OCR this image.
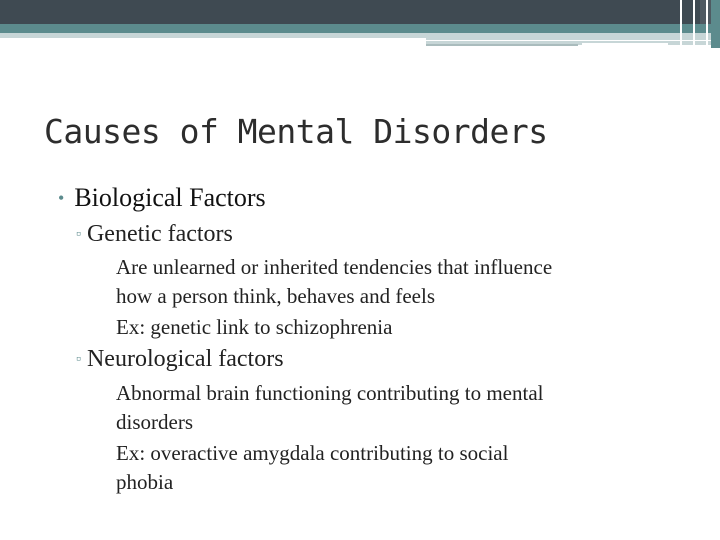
Causes of Mental Disorders
• Biological Factors
▫ Genetic factors
Are unlearned or inherited tendencies that influence
how a person think, behaves and feels
Ex: genetic link to schizophrenia
▫ Neurological factors
Abnormal brain functioning contributing to mental
disorders
Ex: overactive amygdala contributing to social
phobia
